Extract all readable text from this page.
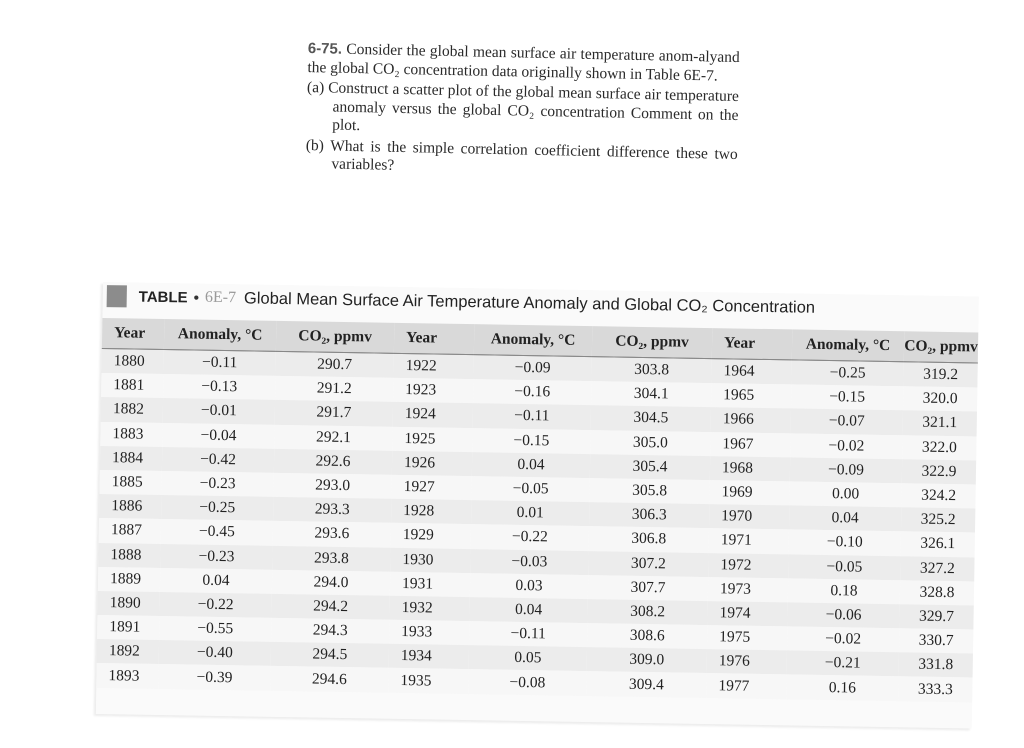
6-75. Consider the global mean surface air temperature anom-alyand the global CO₂ concentration data originally shown in Table 6E-7.

(a) Construct a scatter plot of the global mean surface air temperature anomaly versus the global CO₂ concentration Comment on the plot.

(b) What is the simple correlation coefficient difference these two variables?

TABLE • 6E-7 Global Mean Surface Air Temperature Anomaly and Global CO₂ Concentration
Year	Anomaly, °C	CO₂, ppmv	Year	Anomaly, °C	CO₂, ppmv	Year	Anomaly, °C	CO₂, ppmv
1880	−0.11	290.7	1922	−0.09	303.8	1964	−0.25	319.2
1881	−0.13	291.2	1923	−0.16	304.1	1965	−0.15	320.0
1882	−0.01	291.7	1924	−0.11	304.5	1966	−0.07	321.1
1883	−0.04	292.1	1925	−0.15	305.0	1967	−0.02	322.0
1884	−0.42	292.6	1926	0.04	305.4	1968	−0.09	322.9
1885	−0.23	293.0	1927	−0.05	305.8	1969	0.00	324.2
1886	−0.25	293.3	1928	0.01	306.3	1970	0.04	325.2
1887	−0.45	293.6	1929	−0.22	306.8	1971	−0.10	326.1
1888	−0.23	293.8	1930	−0.03	307.2	1972	−0.05	327.2
1889	0.04	294.0	1931	0.03	307.7	1973	0.18	328.8
1890	−0.22	294.2	1932	0.04	308.2	1974	−0.06	329.7
1891	−0.55	294.3	1933	−0.11	308.6	1975	−0.02	330.7
1892	−0.40	294.5	1934	0.05	309.0	1976	−0.21	331.8
1893	−0.39	294.6	1935	−0.08	309.4	1977	0.16	333.3
